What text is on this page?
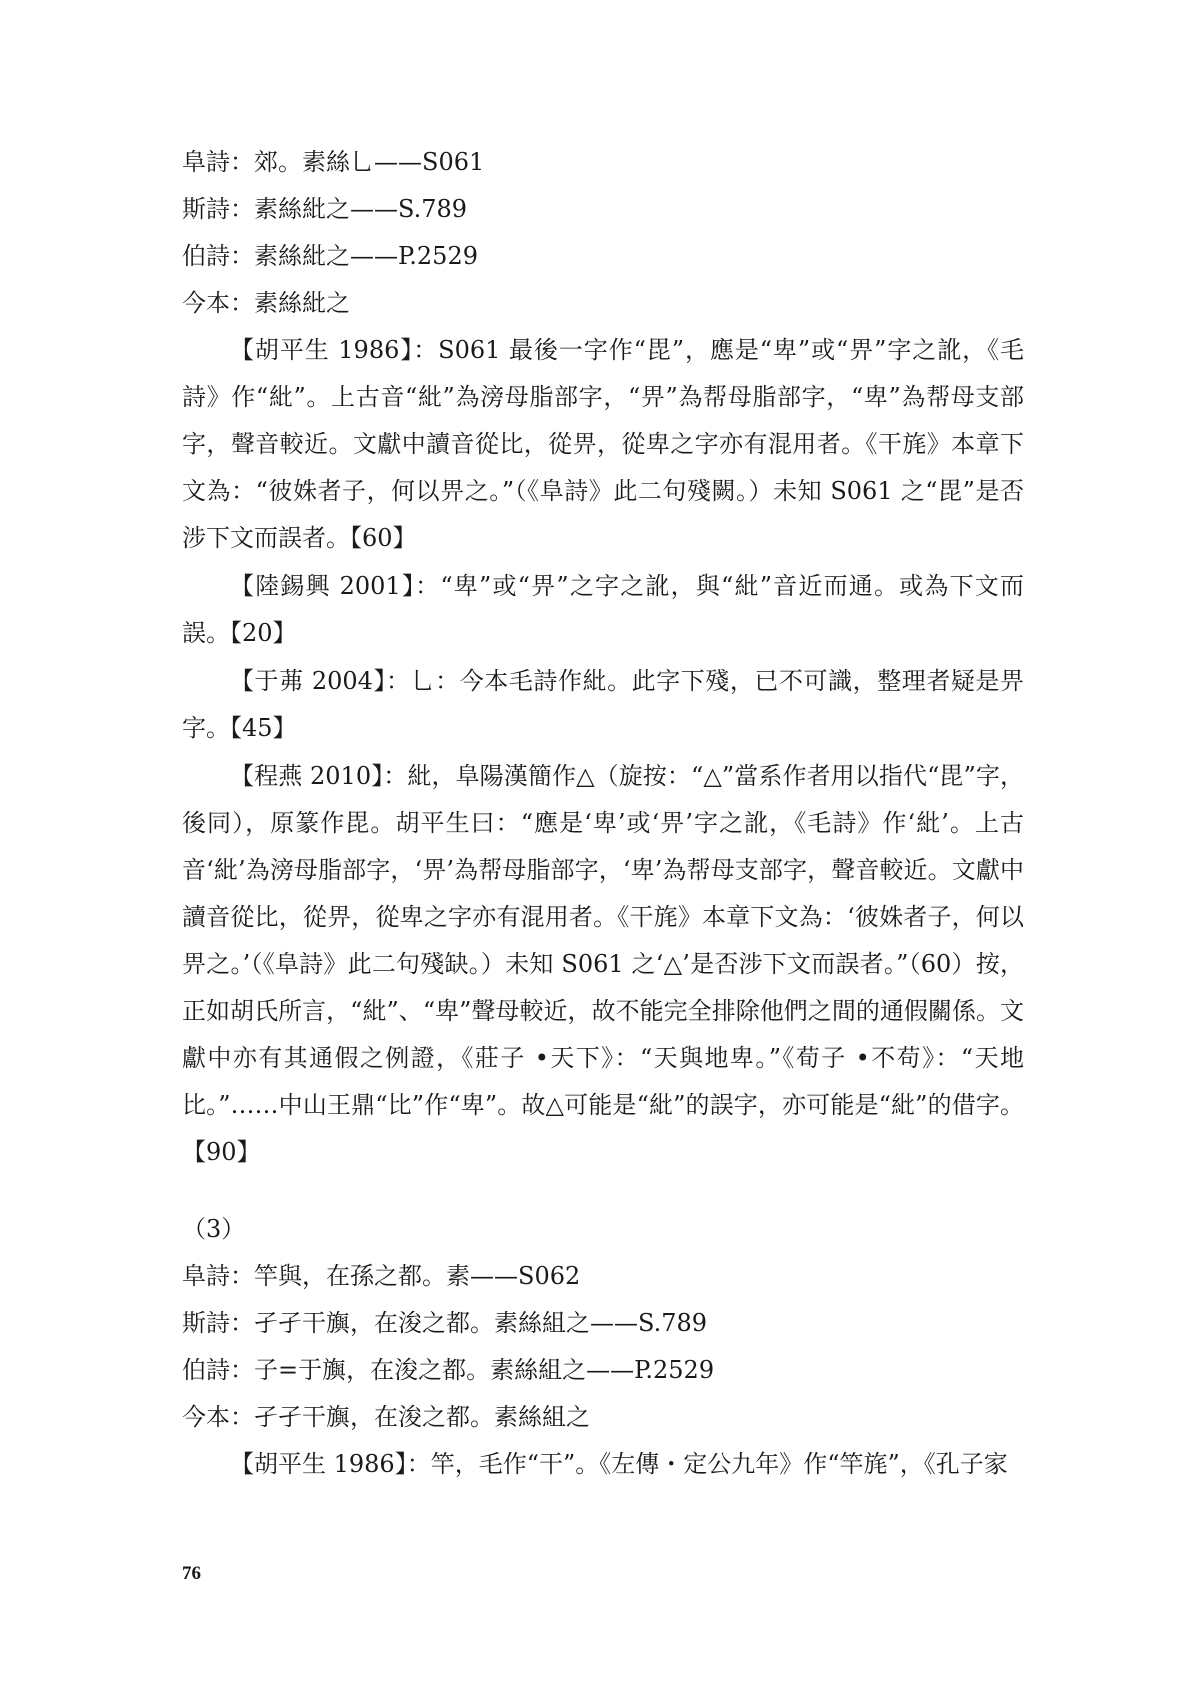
阜詩：郊。素絲⺃——S061
斯詩：素絲紕之——S.789
伯詩：素絲紕之——P.2529
今本：素絲紕之
【胡平生 1986】：S061 最後一字作“毘”，應是“卑”或“畀”字之訛，《毛詩》作“紕”。上古音“紕”為滂母脂部字，“畀”為帮母脂部字，“卑”為帮母支部字，聲音較近。文獻中讀音從比，從畀，從卑之字亦有混用者。《干旄》本章下文為：“彼姝者子，何以畀之。”（《阜詩》此二句殘闕。）未知 S061 之“毘”是否涉下文而誤者。【60】
【陸錫興 2001】：“卑”或“畀”之字之訛，與“紕”音近而通。或為下文而誤。【20】
【于茀 2004】：⺃：今本毛詩作紕。此字下殘，已不可識，整理者疑是畀字。【45】
【程燕 2010】：紕，阜陽漢簡作△（旋按：“△”當系作者用以指代“毘”字，後同），原篆作毘。胡平生曰：“應是‘卑’或‘畀’字之訛，《毛詩》作‘紕’。上古音‘紕’為滂母脂部字，‘畀’為帮母脂部字，‘卑’為帮母支部字，聲音較近。文獻中讀音從比，從畀，從卑之字亦有混用者。《干旄》本章下文為：‘彼姝者子，何以畀之。’（《阜詩》此二句殘缺。）未知 S061 之‘△’是否涉下文而誤者。”（60）按，正如胡氏所言，“紕”、“卑”聲母較近，故不能完全排除他們之間的通假關係。文獻中亦有其通假之例證，《莊子 •天下》：“天與地卑。”《荀子 •不苟》：“天地比。”……中山王鼎“比”作“卑”。故△可能是“紕”的誤字，亦可能是“紕”的借字。【90】
（3）
阜詩：竿與，在孫之都。素——S062
斯詩：孑孑干旟，在浚之都。素絲組之——S.789
伯詩：子=于旟，在浚之都。素絲組之——P.2529
今本：孑孑干旟，在浚之都。素絲組之
【胡平生 1986】：竿，毛作“干”。《左傳・定公九年》作“竿旄”，《孔子家
76
